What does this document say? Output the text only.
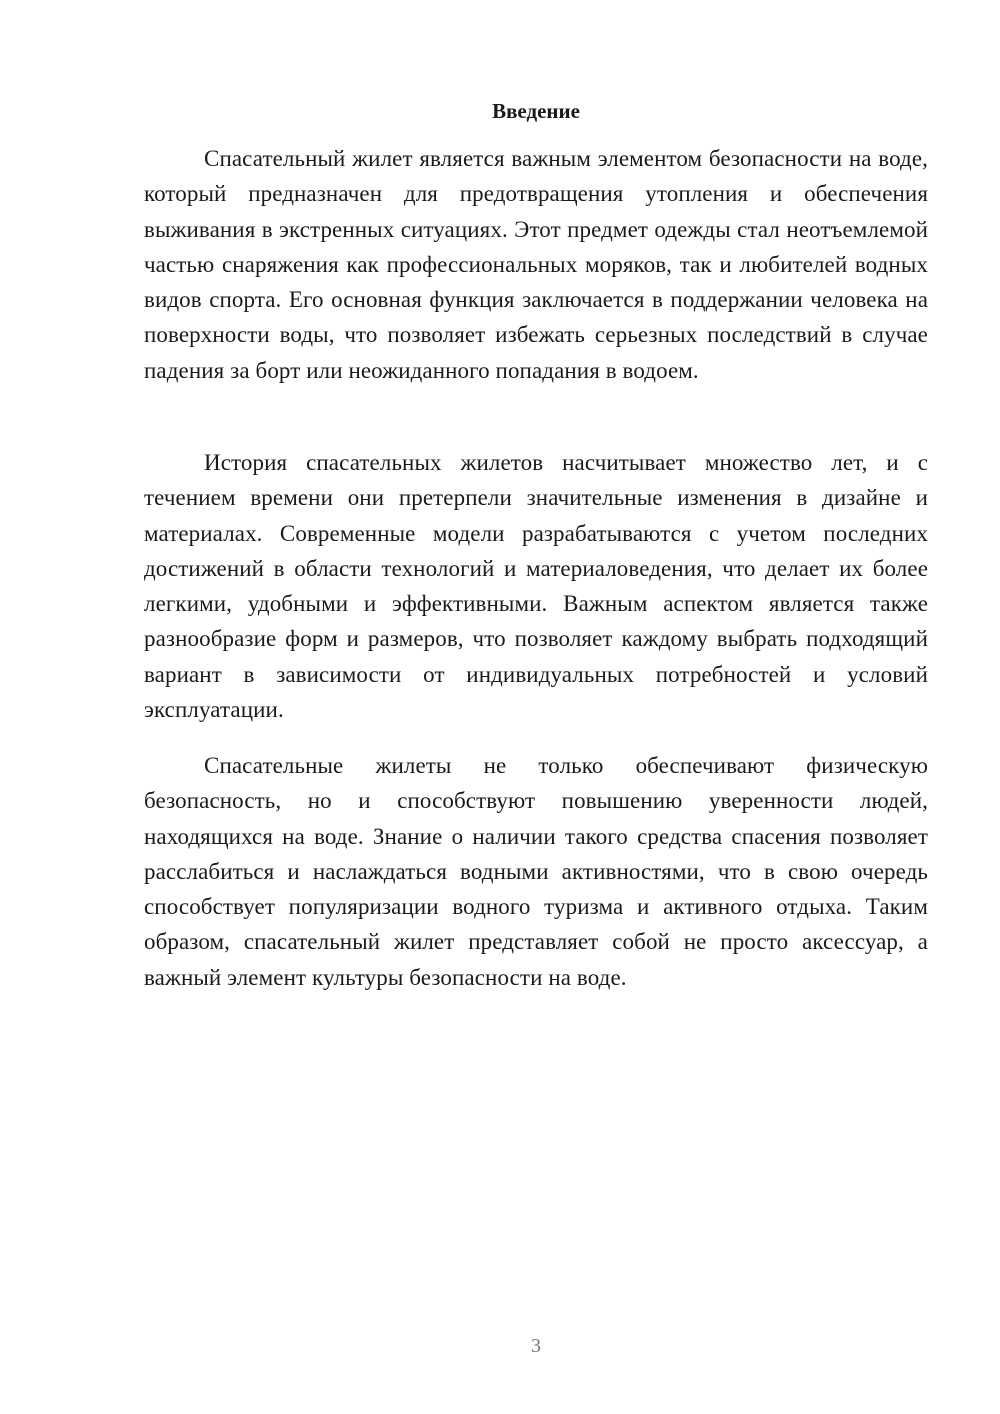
Введение

Спасательный жилет является важным элементом безопасности на воде, который предназначен для предотвращения утопления и обеспечения выживания в экстренных ситуациях. Этот предмет одежды стал неотъемлемой частью снаряжения как профессиональных моряков, так и любителей водных видов спорта. Его основная функция заключается в поддержании человека на поверхности воды, что позволяет избежать серьезных последствий в случае падения за борт или неожиданного попадания в водоем.

История спасательных жилетов насчитывает множество лет, и с течением времени они претерпели значительные изменения в дизайне и материалах. Современные модели разрабатываются с учетом последних достижений в области технологий и материаловедения, что делает их более легкими, удобными и эффективными. Важным аспектом является также разнообразие форм и размеров, что позволяет каждому выбрать подходящий вариант в зависимости от индивидуальных потребностей и условий эксплуатации.

Спасательные жилеты не только обеспечивают физическую безопасность, но и способствуют повышению уверенности людей, находящихся на воде. Знание о наличии такого средства спасения позволяет расслабиться и наслаждаться водными активностями, что в свою очередь способствует популяризации водного туризма и активного отдыха. Таким образом, спасательный жилет представляет собой не просто аксессуар, а важный элемент культуры безопасности на воде.

3
